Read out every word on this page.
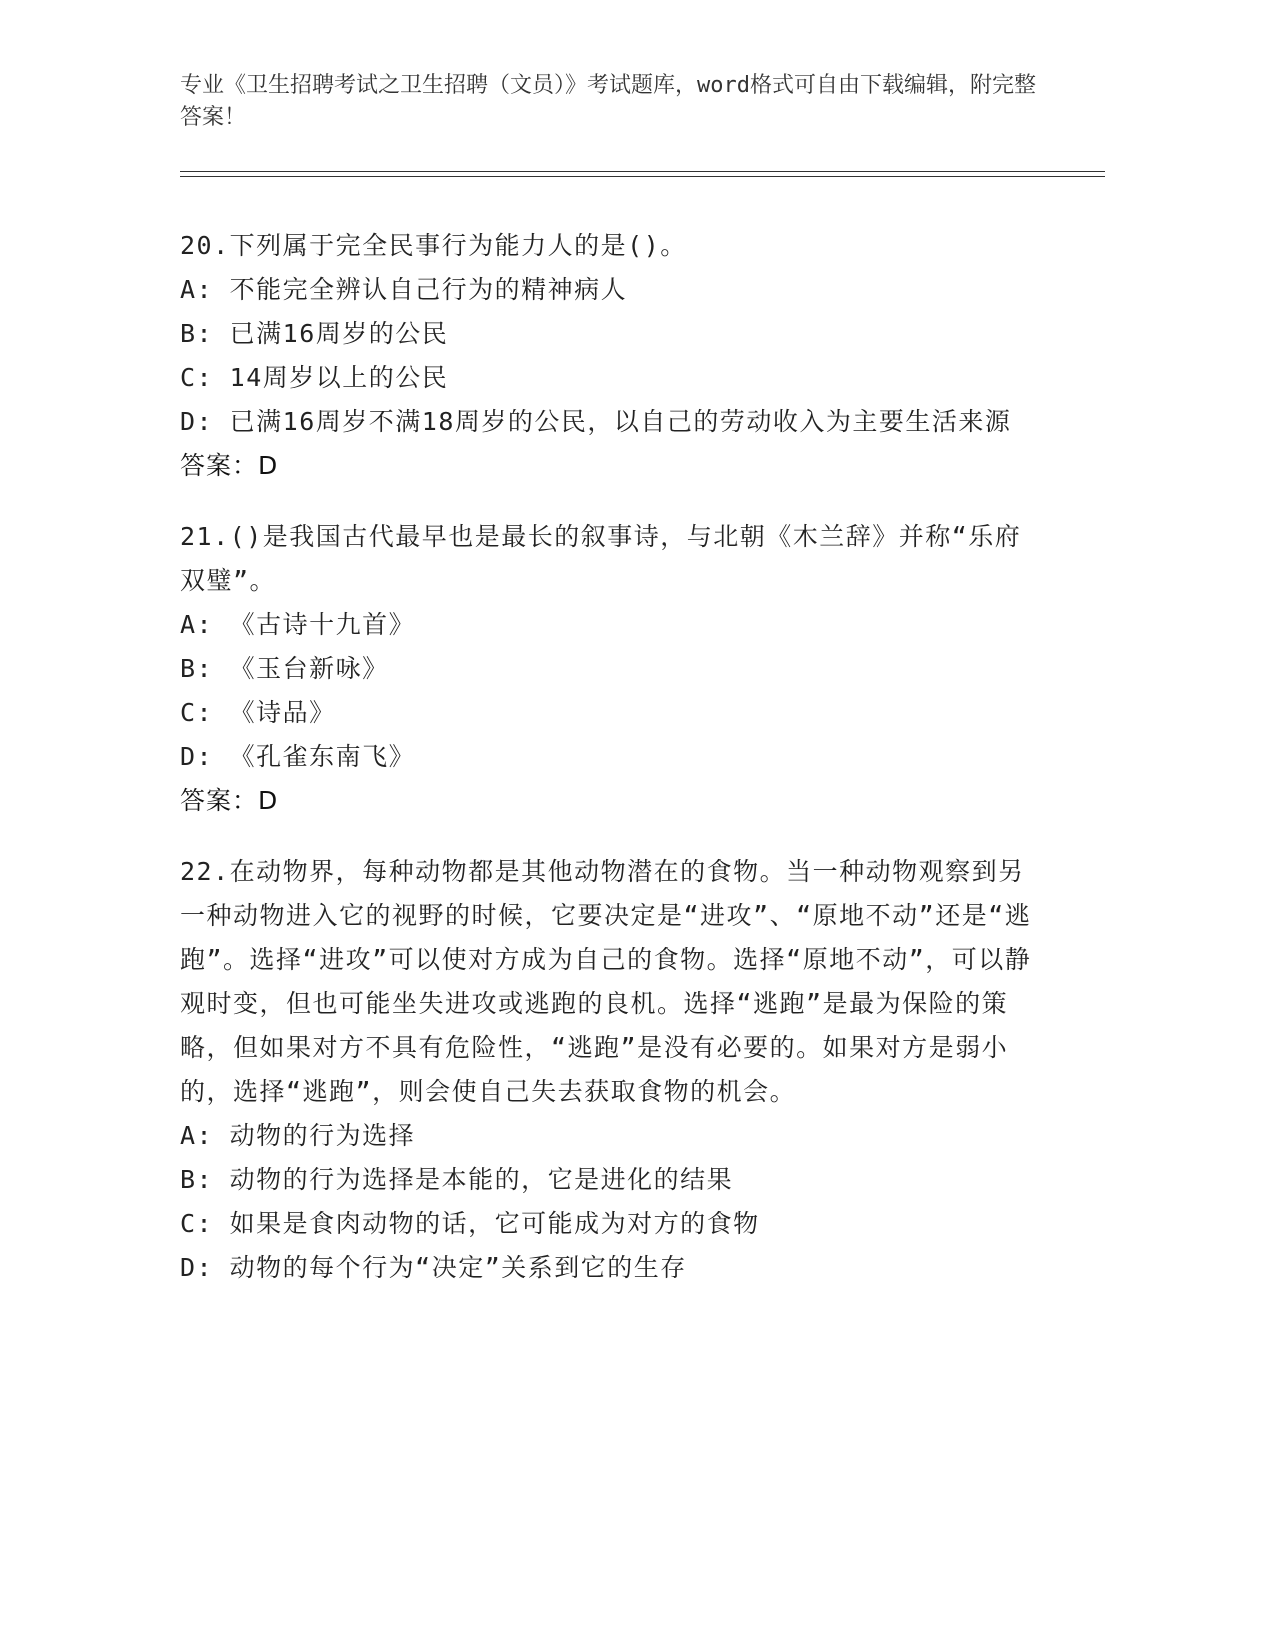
专业《卫生招聘考试之卫生招聘（文员）》考试题库，word格式可自由下载编辑，附完整答案！

20.下列属于完全民事行为能力人的是()。

A: 不能完全辨认自己行为的精神病人

B: 已满16周岁的公民

C: 14周岁以上的公民

D: 已满16周岁不满18周岁的公民，以自己的劳动收入为主要生活来源

答案：D

21.()是我国古代最早也是最长的叙事诗，与北朝《木兰辞》并称“乐府双璧”。

A: 《古诗十九首》

B: 《玉台新咏》

C: 《诗品》

D: 《孔雀东南飞》

答案：D

22.在动物界，每种动物都是其他动物潜在的食物。当一种动物观察到另一种动物进入它的视野的时候，它要决定是“进攻”、“原地不动”还是“逃跑”。选择“进攻”可以使对方成为自己的食物。选择“原地不动”，可以静观时变，但也可能坐失进攻或逃跑的良机。选择“逃跑”是最为保险的策略，但如果对方不具有危险性，“逃跑”是没有必要的。如果对方是弱小的，选择“逃跑”，则会使自己失去获取食物的机会。

A: 动物的行为选择

B: 动物的行为选择是本能的，它是进化的结果

C: 如果是食肉动物的话，它可能成为对方的食物

D: 动物的每个行为“决定”关系到它的生存
